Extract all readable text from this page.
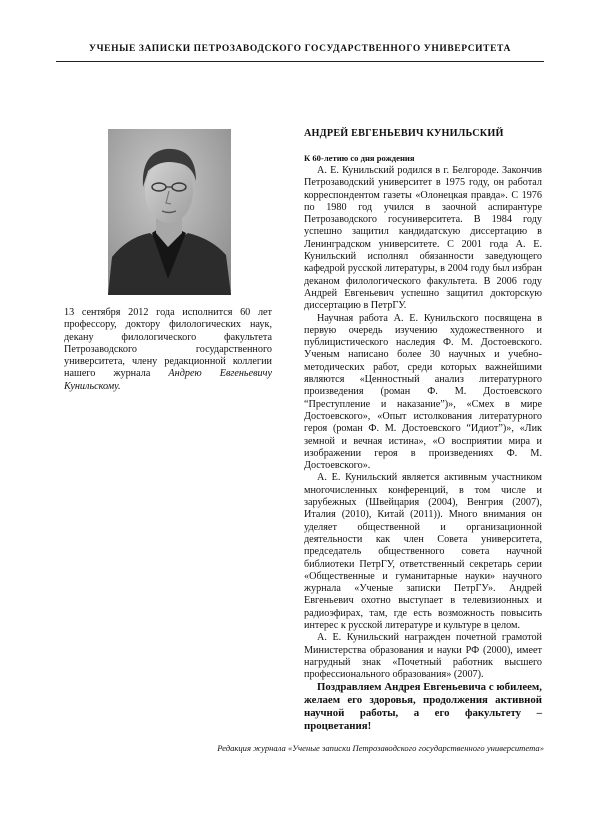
УЧЕНЫЕ ЗАПИСКИ ПЕТРОЗАВОДСКОГО ГОСУДАРСТВЕННОГО УНИВЕРСИТЕТА
13 сентября 2012 года исполнится 60 лет профессору, доктору филологических наук, декану филологического факультета Петрозаводского государственного университета, члену редакционной коллегии нашего журнала Андрею Евгеньевичу Кунильскому.
АНДРЕЙ ЕВГЕНЬЕВИЧ КУНИЛЬСКИЙ
К 60-летию со дня рождения

А. Е. Кунильский родился в г. Белгороде. Закончив Петрозаводский университет в 1975 году, он работал корреспондентом газеты «Олонецкая правда». С 1976 по 1980 год учился в заочной аспирантуре Петрозаводского госуниверситета. В 1984 году успешно защитил кандидатскую диссертацию в Ленинградском университете. С 2001 года А. Е. Кунильский исполнял обязанности заведующего кафедрой русской литературы, в 2004 году был избран деканом филологического факультета. В 2006 году Андрей Евгеньевич успешно защитил докторскую диссертацию в ПетрГУ.

Научная работа А. Е. Кунильского посвящена в первую очередь изучению художественного и публицистического наследия Ф. М. Достоевского. Ученым написано более 30 научных и учебно-методических работ, среди которых важнейшими являются «Ценностный анализ литературного произведения (роман Ф. М. Достоевского “Преступление и наказание”)», «Смех в мире Достоевского», «Опыт истолкования литературного героя (роман Ф. М. Достоевского “Идиот”)», «Лик земной и вечная истина», «О восприятии мира и изображении героя в произведениях Ф. М. Достоевского».

А. Е. Кунильский является активным участником многочисленных конференций, в том числе и зарубежных (Швейцария (2004), Венгрия (2007), Италия (2010), Китай (2011)). Много внимания он уделяет общественной и организационной деятельности как член Совета университета, председатель общественного совета научной библиотеки ПетрГУ, ответственный секретарь серии «Общественные и гуманитарные науки» научного журнала «Ученые записки ПетрГУ». Андрей Евгеньевич охотно выступает в телевизионных и радиоэфирах, там, где есть возможность повысить интерес к русской литературе и культуре в целом.

А. Е. Кунильский награжден почетной грамотой Министерства образования и науки РФ (2000), имеет нагрудный знак «Почетный работник высшего профессионального образования» (2007).

Поздравляем Андрея Евгеньевича с юбилеем, желаем его здоровья, продолжения активной научной работы, а его факультету – процветания!
Редакция журнала «Ученые записки Петрозаводского государственного университета»
